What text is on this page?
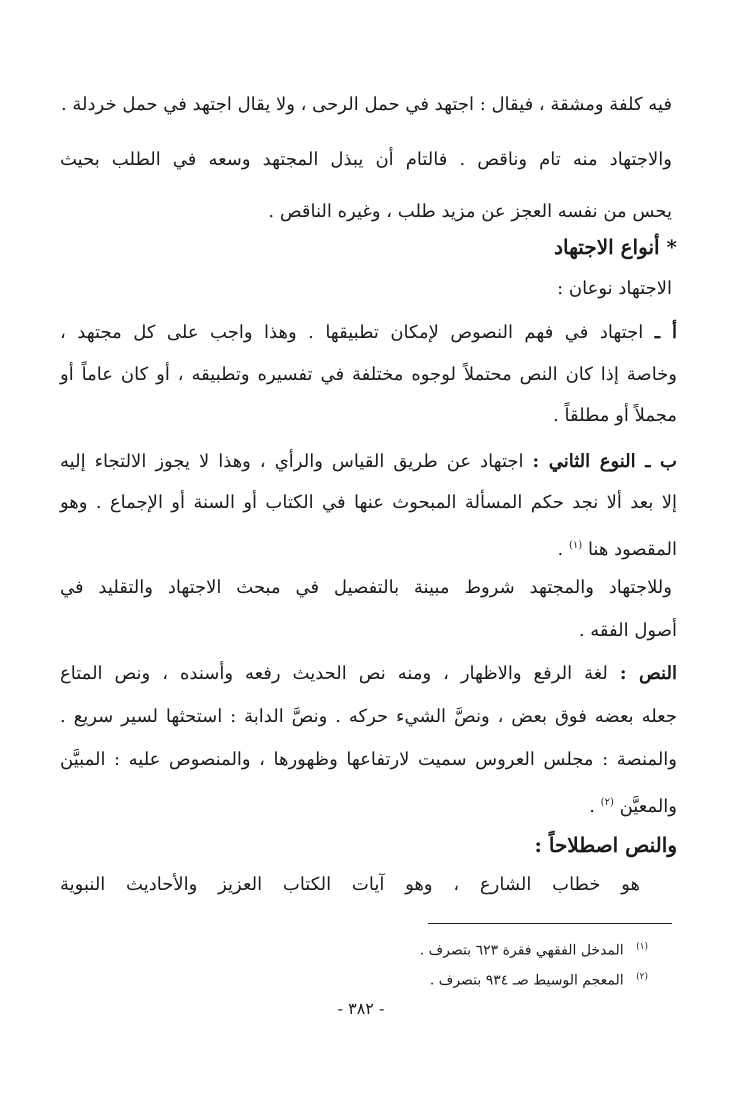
فيه كلفة ومشقة ، فيقال : اجتهد في حمل الرحى ، ولا يقال اجتهد في حمل خردلة .
والاجتهاد منه تام وناقص . فالتام أن يبذل المجتهد وسعه في الطلب بحيث
يحس من نفسه العجز عن مزيد طلب ، وغيره الناقص .
* أنواع الاجتهاد
الاجتهاد نوعان :
أ ـ اجتهاد في فهم النصوص لإمكان تطبيقها . وهذا واجب على كل مجتهد ،
وخاصة إذا كان النص محتملاً لوجوه مختلفة في تفسيره وتطبيقه ، أو كان عاماً أو
مجملاً أو مطلقاً .
ب ـ النوع الثاني : اجتهاد عن طريق القياس والرأي ، وهذا لا يجوز الالتجاء إليه
إلا بعد ألا نجد حكم المسألة المبحوث عنها في الكتاب أو السنة أو الإجماع . وهو
المقصود هنا $^{(١)}$ .
وللاجتهاد والمجتهد شروط مبينة بالتفصيل في مبحث الاجتهاد والتقليد في
أصول الفقه .
النص : لغة الرفع والاظهار ، ومنه نص الحديث رفعه وأسنده ، ونص المتاع
جعله بعضه فوق بعض ، ونصَّ الشيء حركه . ونصَّ الدابة : استحثها لسير سريع .
والمنصة : مجلس العروس سميت لارتفاعها وظهورها ، والمنصوص عليه : المبيَّن
والمعيَّن $^{(٢)}$ .
والنص اصطلاحاً :
هو خطاب الشارع ، وهو آيات الكتاب العزيز والأحاديث النبوية
$^{(١)}$ المدخل الفقهي فقرة ٦٢٣ بتصرف .
$^{(٢)}$ المعجم الوسيط صـ ٩٣٤ بتصرف .
- ٣٨٢ -
